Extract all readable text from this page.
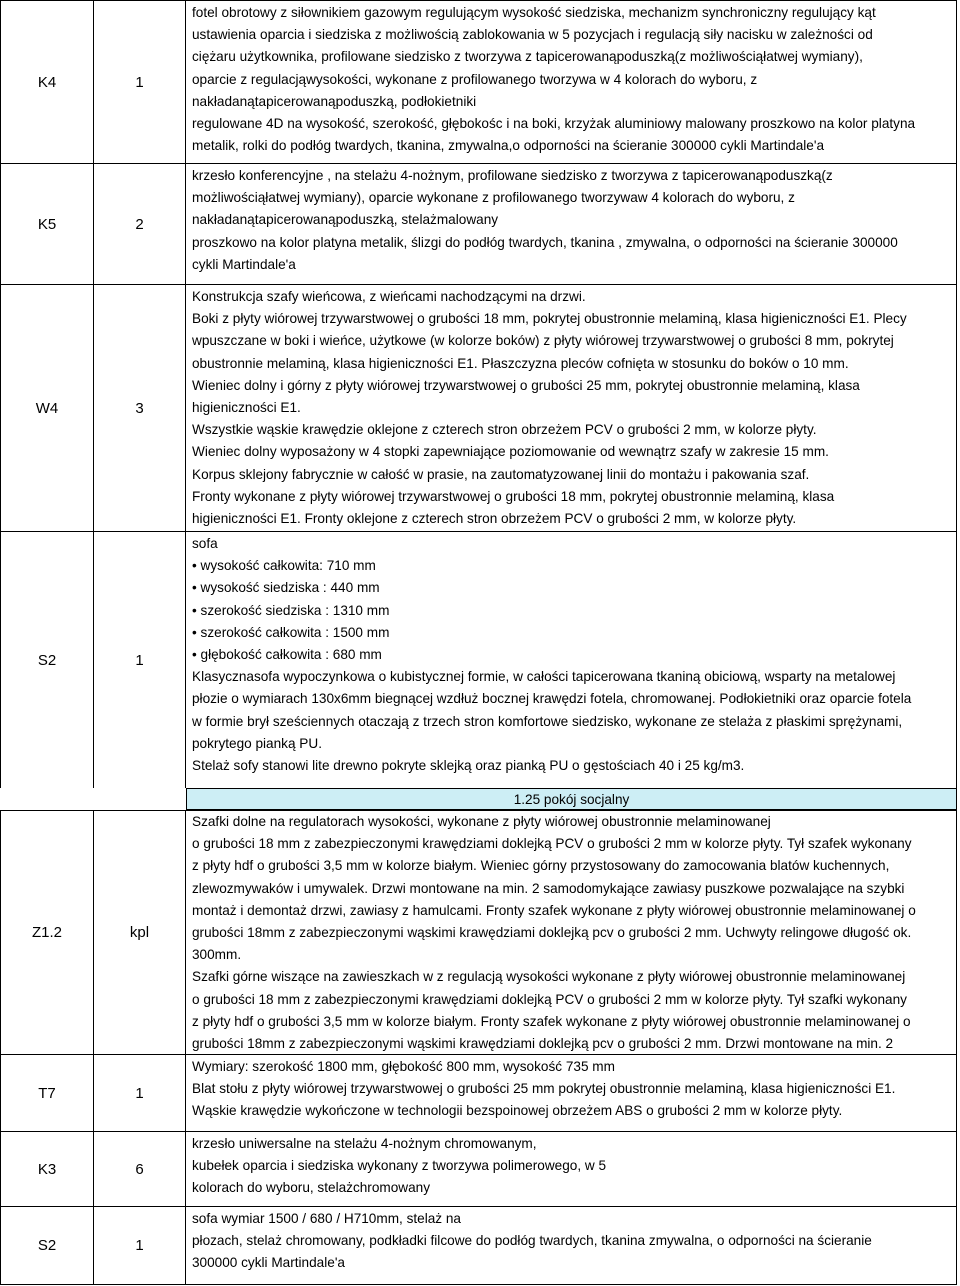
K4	1
fotel obrotowy z siłownikiem gazowym regulującym wysokość siedziska, mechanizm synchroniczny regulujący kąt
ustawienia oparcia i siedziska z możliwością zablokowania w 5 pozycjach i regulacją siły nacisku w zależności od
ciężaru użytkownika, profilowane siedzisko z tworzywa z tapicerowanąpoduszką(z możliwościąłatwej wymiany),
oparcie z regulacjąwysokości, wykonane z profilowanego tworzywa w 4 kolorach do wyboru, z
nakładanątapicerowanąpoduszką, podłokietniki
regulowane 4D na wysokość, szerokość, głębokośc i na boki, krzyżak aluminiowy malowany proszkowo na kolor platyna
metalik, rolki do podłóg twardych, tkanina, zmywalna,o odporności na ścieranie 300000 cykli Martindale'a
K5	2
krzesło konferencyjne , na stelażu 4-nożnym, profilowane siedzisko z tworzywa z tapicerowanąpoduszką(z
możliwościąłatwej wymiany), oparcie wykonane z profilowanego tworzywaw 4 kolorach do wyboru, z
nakładanątapicerowanąpoduszką, stelażmalowany
proszkowo na kolor platyna metalik, ślizgi do podłóg twardych, tkanina , zmywalna, o odporności na ścieranie 300000
cykli Martindale'a
W4	3
Konstrukcja szafy wieńcowa, z wieńcami nachodzącymi na drzwi.
Boki z płyty wiórowej trzywarstwowej o grubości 18 mm, pokrytej obustronnie melaminą, klasa higieniczności E1. Plecy
wpuszczane w boki i wieńce, użytkowe (w kolorze boków) z płyty wiórowej trzywarstwowej o grubości 8 mm, pokrytej
obustronnie melaminą, klasa higieniczności E1. Płaszczyzna pleców cofnięta w stosunku do boków o 10 mm.
Wieniec dolny i górny z płyty wiórowej trzywarstwowej o grubości 25 mm, pokrytej obustronnie melaminą, klasa
higieniczności E1.
Wszystkie wąskie krawędzie oklejone z czterech stron obrzeżem PCV o grubości 2 mm, w kolorze płyty.
Wieniec dolny wyposażony w 4 stopki zapewniające poziomowanie od wewnątrz szafy w zakresie 15 mm.
Korpus sklejony fabrycznie w całość w prasie, na zautomatyzowanej linii do montażu i pakowania szaf.
Fronty wykonane z płyty wiórowej trzywarstwowej o grubości 18 mm, pokrytej obustronnie melaminą, klasa
higieniczności E1. Fronty oklejone z czterech stron obrzeżem PCV o grubości 2 mm, w kolorze płyty.
S2	1
sofa
• wysokość całkowita: 710 mm
• wysokość siedziska : 440 mm
• szerokość siedziska : 1310 mm
• szerokość całkowita : 1500 mm
• głębokość całkowita : 680 mm
Klasycznasofa wypoczynkowa o kubistycznej formie, w całości tapicerowana tkaniną obiciową, wsparty na metalowej
płozie o wymiarach 130x6mm biegnącej wzdłuż bocznej krawędzi fotela, chromowanej. Podłokietniki oraz oparcie fotela
w formie brył sześciennych otaczają z trzech stron komfortowe siedzisko, wykonane ze stelaża z płaskimi sprężynami,
pokrytego pianką PU.
Stelaż sofy stanowi lite drewno pokryte sklejką oraz pianką PU o gęstościach 40 i 25 kg/m3.
Z1.2	kpl
Szafki dolne na regulatorach wysokości, wykonane z płyty wiórowej obustronnie melaminowanej
o grubości 18 mm z zabezpieczonymi krawędziami doklejką PCV o grubości 2 mm w kolorze płyty. Tył szafek wykonany
z płyty hdf o grubości 3,5 mm w kolorze białym. Wieniec górny przystosowany do zamocowania blatów kuchennych,
zlewozmywaków i umywalek. Drzwi montowane na min. 2 samodomykające zawiasy puszkowe pozwalające na szybki
montaż i demontaż drzwi, zawiasy z hamulcami. Fronty szafek wykonane z płyty wiórowej obustronnie melaminowanej o
grubości 18mm z zabezpieczonymi wąskimi krawędziami doklejką pcv o grubości 2 mm. Uchwyty relingowe długość ok.
300mm.
Szafki górne wiszące na zawieszkach w z regulacją wysokości wykonane z płyty wiórowej obustronnie melaminowanej
o grubości 18 mm z zabezpieczonymi krawędziami doklejką PCV o grubości 2 mm w kolorze płyty. Tył szafki wykonany
z płyty hdf o grubości 3,5 mm w kolorze białym. Fronty szafek wykonane z płyty wiórowej obustronnie melaminowanej o
grubości 18mm z zabezpieczonymi wąskimi krawędziami doklejką pcv o grubości 2 mm. Drzwi montowane na min. 2
T7	1
Wymiary: szerokość 1800 mm, głębokość 800 mm, wysokość 735 mm
Blat stołu z płyty wiórowej trzywarstwowej o grubości 25 mm pokrytej obustronnie melaminą, klasa higieniczności E1.
Wąskie krawędzie wykończone w technologii bezspoinowej obrzeżem ABS o grubości 2 mm w kolorze płyty.
K3	6
krzesło uniwersalne na stelażu 4-nożnym chromowanym,
kubełek oparcia i siedziska wykonany z tworzywa polimerowego, w 5
kolorach do wyboru, stelażchromowany
S2	1
sofa wymiar 1500 / 680 / H710mm, stelaż na
płozach, stelaż chromowany, podkładki filcowe do podłóg twardych, tkanina zmywalna, o odporności na ścieranie
300000 cykli Martindale'a
1.25 pokój socjalny
